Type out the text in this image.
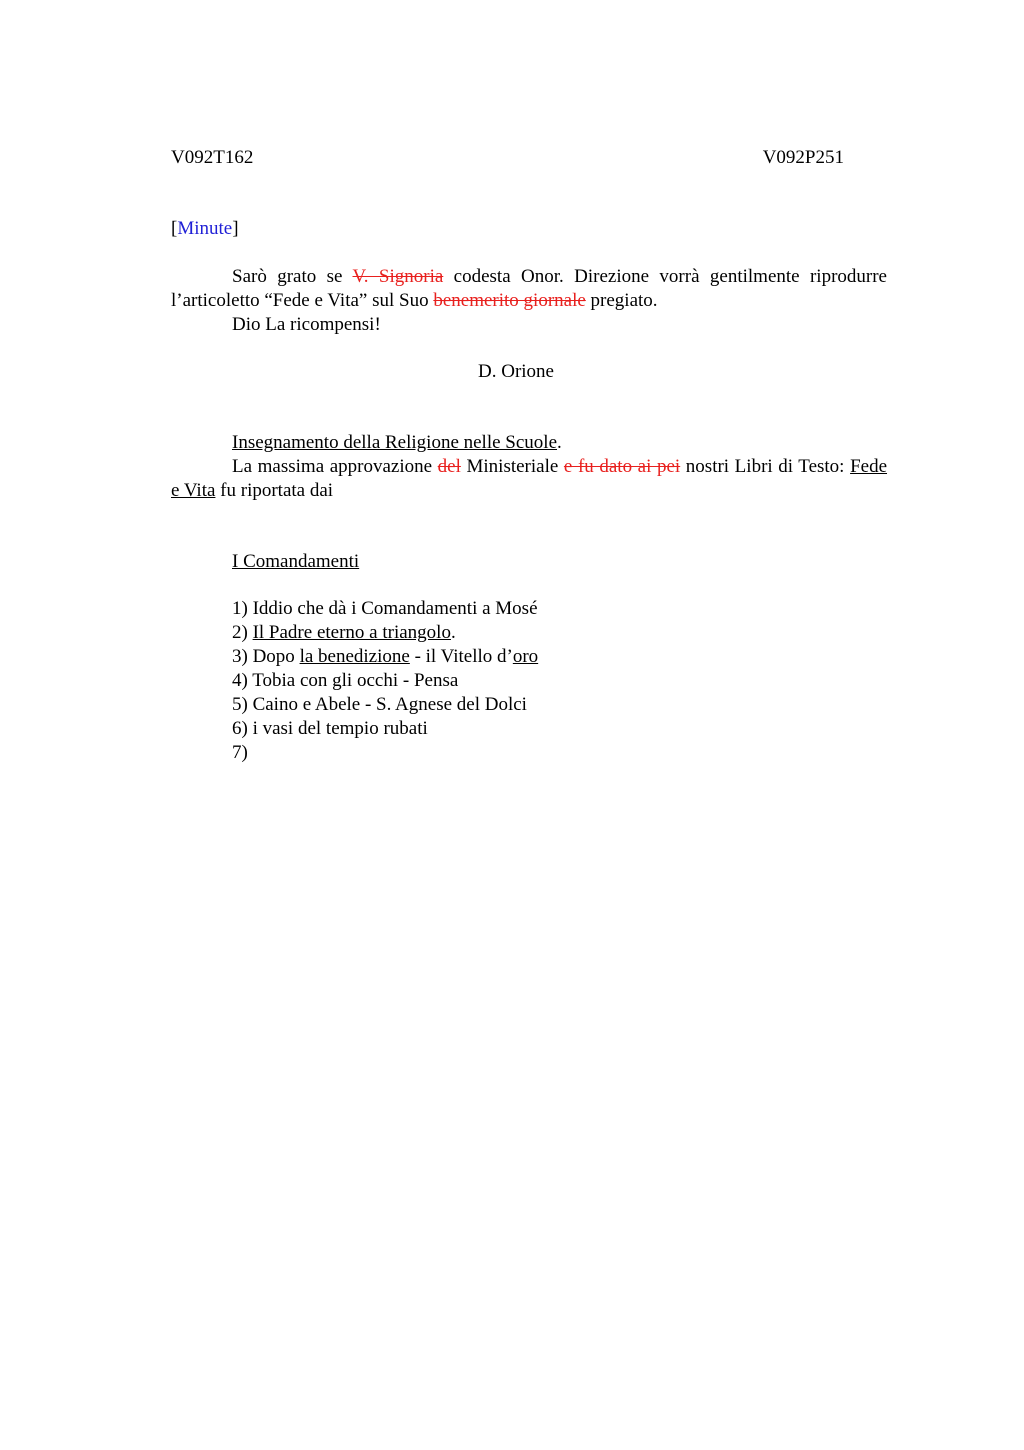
V092T162	V092P251
[Minute]

Sarò grato se V. Signoria codesta Onor. Direzione vorrà gentilmente riprodurre l’articoletto “Fede e Vita” sul Suo benemerito giornale pregiato.

Dio La ricompensi!

D. Orione

Insegnamento della Religione nelle Scuole.

La massima approvazione del Ministeriale e fu dato ai pei nostri Libri di Testo: Fede e Vita fu riportata dai

I Comandamenti

1) Iddio che dà i Comandamenti a Mosé

2) Il Padre eterno a triangolo.

3) Dopo la benedizione - il Vitello d’oro

4) Tobia con gli occhi - Pensa

5) Caino e Abele - S. Agnese del Dolci

6) i vasi del tempio rubati

7)
